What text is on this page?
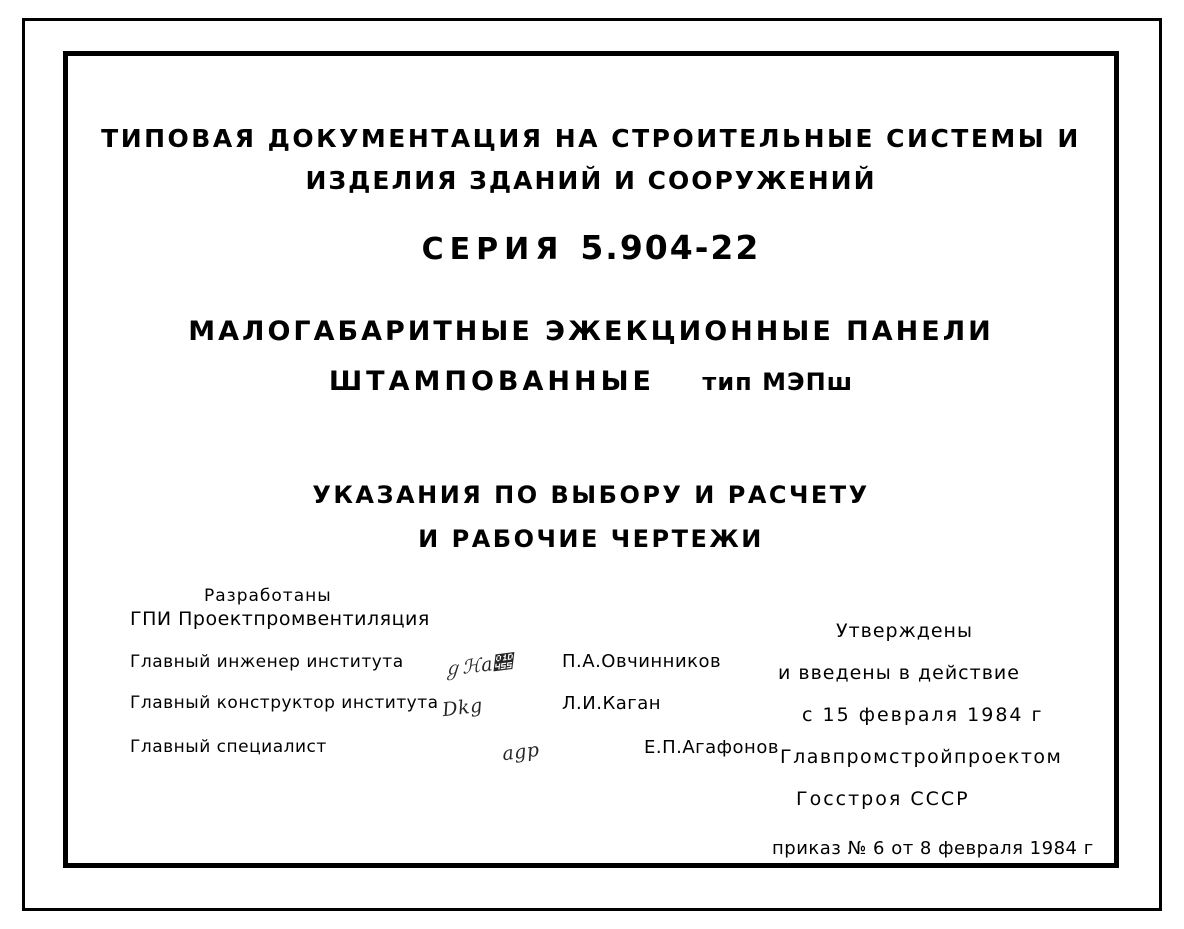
ТИПОВАЯ ДОКУМЕНТАЦИЯ НА СТРОИТЕЛЬНЫЕ СИСТЕМЫ И
ИЗДЕЛИЯ ЗДАНИЙ И СООРУЖЕНИЙ
СЕРИЯ 5.904-22
МАЛОГАБАРИТНЫЕ ЭЖЕКЦИОННЫЕ ПАНЕЛИ
ШТАМПОВАННЫЕ тип МЭПш
УКАЗАНИЯ ПО ВЫБОРУ И РАСЧЕТУ
И РАБОЧИЕ ЧЕРТЕЖИ
Разработаны
ГПИ Проектпромвентиляция
Главный инженер института ℊℋ𝑎𝑕	П.А.Овчинников
Главный конструктор института 𝐷𝑘𝑔	Л.И.Каган
Главный специалист	𝑎𝑔𝑝	Е.П.Агафонов
Утверждены
и введены в действие
с 15 февраля 1984 г
Главпромстройпроектом
Госстроя СССР
приказ № 6 от 8 февраля 1984 г
